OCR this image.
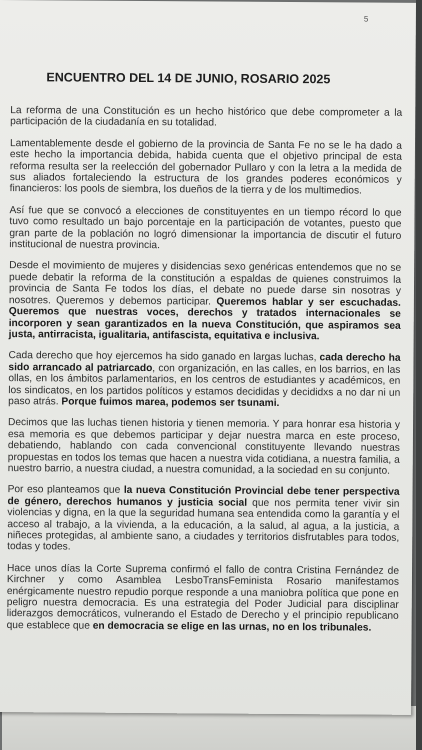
5
ENCUENTRO DEL 14 DE JUNIO, ROSARIO 2025

La reforma de una Constitución es un hecho histórico que debe comprometer a la participación de la ciudadanía en su totalidad.

Lamentablemente desde el gobierno de la provincia de Santa Fe no se le ha dado a este hecho la importancia debida, habida cuenta que el objetivo principal de esta reforma resulta ser la reelección del gobernador Pullaro y con la letra a la medida de sus aliados fortaleciendo la estructura de los grandes poderes económicos y financieros: los pools de siembra, los dueños de la tierra y de los multimedios.

Así fue que se convocó a elecciones de constituyentes en un tiempo récord lo que tuvo como resultado un bajo porcentaje en la participación de votantes, puesto que gran parte de la población no logró dimensionar la importancia de discutir el futuro institucional de nuestra provincia.

Desde el movimiento de mujeres y disidencias sexo genéricas entendemos que no se puede debatir la reforma de la constitución a espaldas de quienes construimos la provincia de Santa Fe todos los días, el debate no puede darse sin nosotras y nosotres. Queremos y debemos participar. Queremos hablar y ser escuchadas. Queremos que nuestras voces, derechos y tratados internacionales se incorporen y sean garantizados en la nueva Constitución, que aspiramos sea justa, antirracista, igualitaria, antifascista, equitativa e inclusiva.

Cada derecho que hoy ejercemos ha sido ganado en largas luchas, cada derecho ha sido arrancado al patriarcado, con organización, en las calles, en los barrios, en las ollas, en los ámbitos parlamentarios, en los centros de estudiantes y académicos, en los sindicatos, en los partidos políticos y estamos decididas y decididxs a no dar ni un paso atrás. Porque fuimos marea, podemos ser tsunami.

Decimos que las luchas tienen historia y tienen memoria. Y para honrar esa historia y esa memoria es que debemos participar y dejar nuestra marca en este proceso, debatiendo, hablando con cada convencional constituyente llevando nuestras propuestas en todos los temas que hacen a nuestra vida cotidiana, a nuestra familia, a nuestro barrio, a nuestra ciudad, a nuestra comunidad, a la sociedad en su conjunto.

Por eso planteamos que la nueva Constitución Provincial debe tener perspectiva de género, derechos humanos y justicia social que nos permita tener vivir sin violencias y digna, en la que la seguridad humana sea entendida como la garantía y el acceso al trabajo, a la vivienda, a la educación, a la salud, al agua, a la justicia, a niñeces protegidas, al ambiente sano, a ciudades y territorios disfrutables para todos, todas y todes.

Hace unos días la Corte Suprema confirmó el fallo de contra Cristina Fernández de Kirchner y como Asamblea LesboTransFeminista Rosario manifestamos enérgicamente nuestro repudio porque responde a una maniobra política que pone en peligro nuestra democracia. Es una estrategia del Poder Judicial para disciplinar liderazgos democráticos, vulnerando el Estado de Derecho y el principio republicano que establece que en democracia se elige en las urnas, no en los tribunales.
